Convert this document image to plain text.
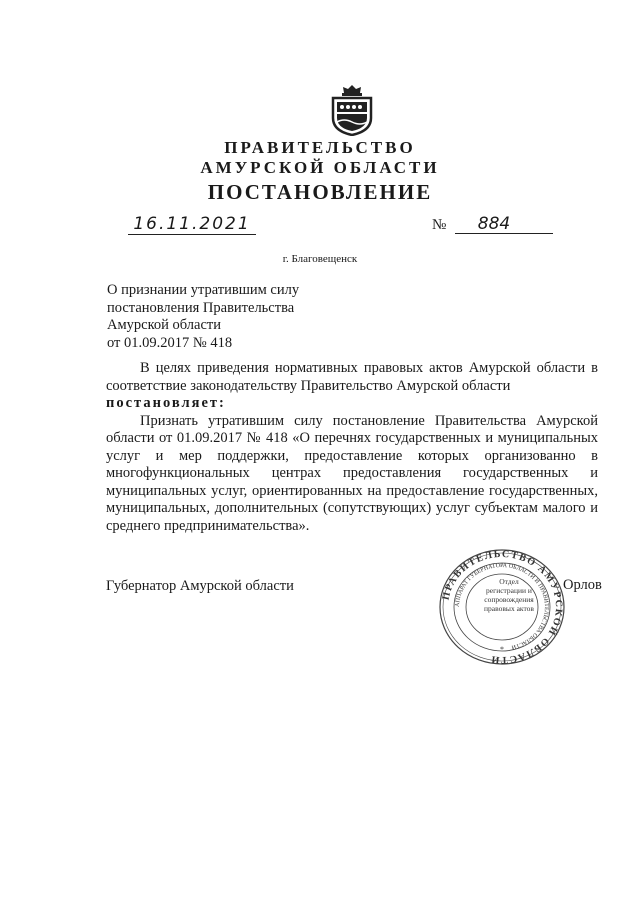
ПРАВИТЕЛЬСТВО
АМУРСКОЙ ОБЛАСТИ
ПОСТАНОВЛЕНИЕ
16.11.2021	№	884
г. Благовещенск
О признании утратившим силу
постановления Правительства
Амурской области
от 01.09.2017 № 418

В целях приведения нормативных правовых актов Амурской области в соответствие законодательству Правительство Амурской области

постановляет:

Признать утратившим силу постановление Правительства Амурской области от 01.09.2017 № 418 «О перечнях государственных и муниципальных услуг и мер поддержки, предоставление которых организованно в многофункциональных центрах предоставления государственных и муниципальных услуг, ориентированных на предоставление государственных, муниципальных, дополнительных (сопутствующих) услуг субъектам малого и среднего предпринимательства».

Губернатор Амурской области
ПРАВИТЕЛЬСТВО АМУРСКОЙ ОБЛАСТИ
АППАРАТ ГУБЕРНАТОРА ОБЛАСТИ И ПРАВИТЕЛЬСТВА ОБЛАСТИ
*
Отдел регистрации и сопровождения правовых актов
Орлов
